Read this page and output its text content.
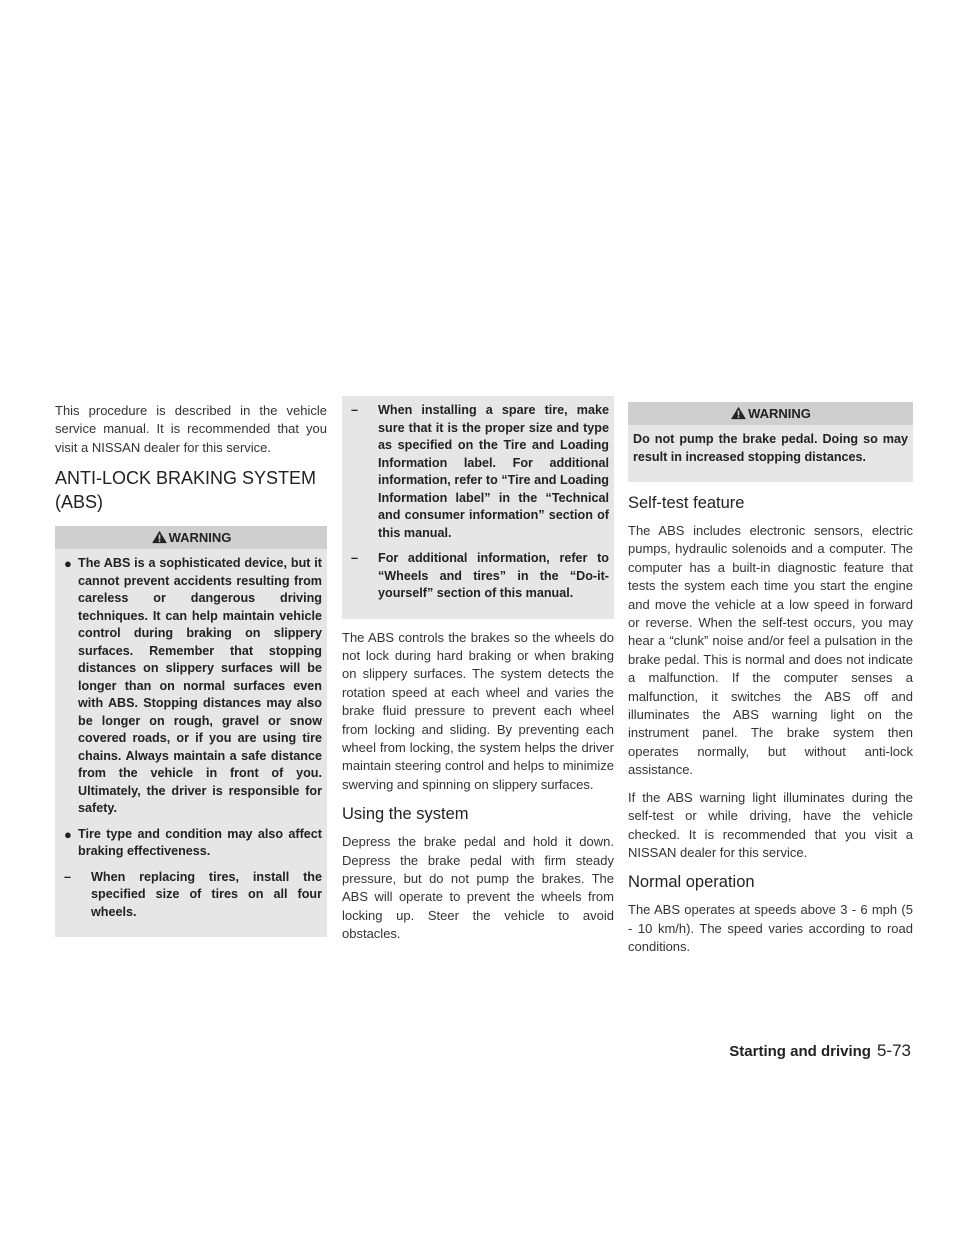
This procedure is described in the vehicle service manual. It is recommended that you visit a NISSAN dealer for this service.

ANTI-LOCK BRAKING SYSTEM (ABS)
WARNING
● The ABS is a sophisticated device, but it cannot prevent accidents resulting from careless or dangerous driving techniques. It can help maintain vehicle control during braking on slippery surfaces. Remember that stopping distances on slippery surfaces will be longer than on normal surfaces even with ABS. Stopping distances may also be longer on rough, gravel or snow covered roads, or if you are using tire chains. Always maintain a safe distance from the vehicle in front of you. Ultimately, the driver is responsible for safety.
● Tire type and condition may also affect braking effectiveness.
– When replacing tires, install the specified size of tires on all four wheels.
– When installing a spare tire, make sure that it is the proper size and type as specified on the Tire and Loading Information label. For additional information, refer to “Tire and Loading Information label” in the “Technical and consumer information” section of this manual.
– For additional information, refer to “Wheels and tires” in the “Do-it-yourself” section of this manual.

The ABS controls the brakes so the wheels do not lock during hard braking or when braking on slippery surfaces. The system detects the rotation speed at each wheel and varies the brake fluid pressure to prevent each wheel from locking and sliding. By preventing each wheel from locking, the system helps the driver maintain steering control and helps to minimize swerving and spinning on slippery surfaces.

Using the system

Depress the brake pedal and hold it down. Depress the brake pedal with firm steady pressure, but do not pump the brakes. The ABS will operate to prevent the wheels from locking up. Steer the vehicle to avoid obstacles.

WARNING
Do not pump the brake pedal. Doing so may result in increased stopping distances.
Self-test feature

The ABS includes electronic sensors, electric pumps, hydraulic solenoids and a computer. The computer has a built-in diagnostic feature that tests the system each time you start the engine and move the vehicle at a low speed in forward or reverse. When the self-test occurs, you may hear a “clunk” noise and/or feel a pulsation in the brake pedal. This is normal and does not indicate a malfunction. If the computer senses a malfunction, it switches the ABS off and illuminates the ABS warning light on the instrument panel. The brake system then operates normally, but without anti-lock assistance.

If the ABS warning light illuminates during the self-test or while driving, have the vehicle checked. It is recommended that you visit a NISSAN dealer for this service.

Normal operation

The ABS operates at speeds above 3 - 6 mph (5 - 10 km/h). The speed varies according to road conditions.

Starting and driving 5-73
